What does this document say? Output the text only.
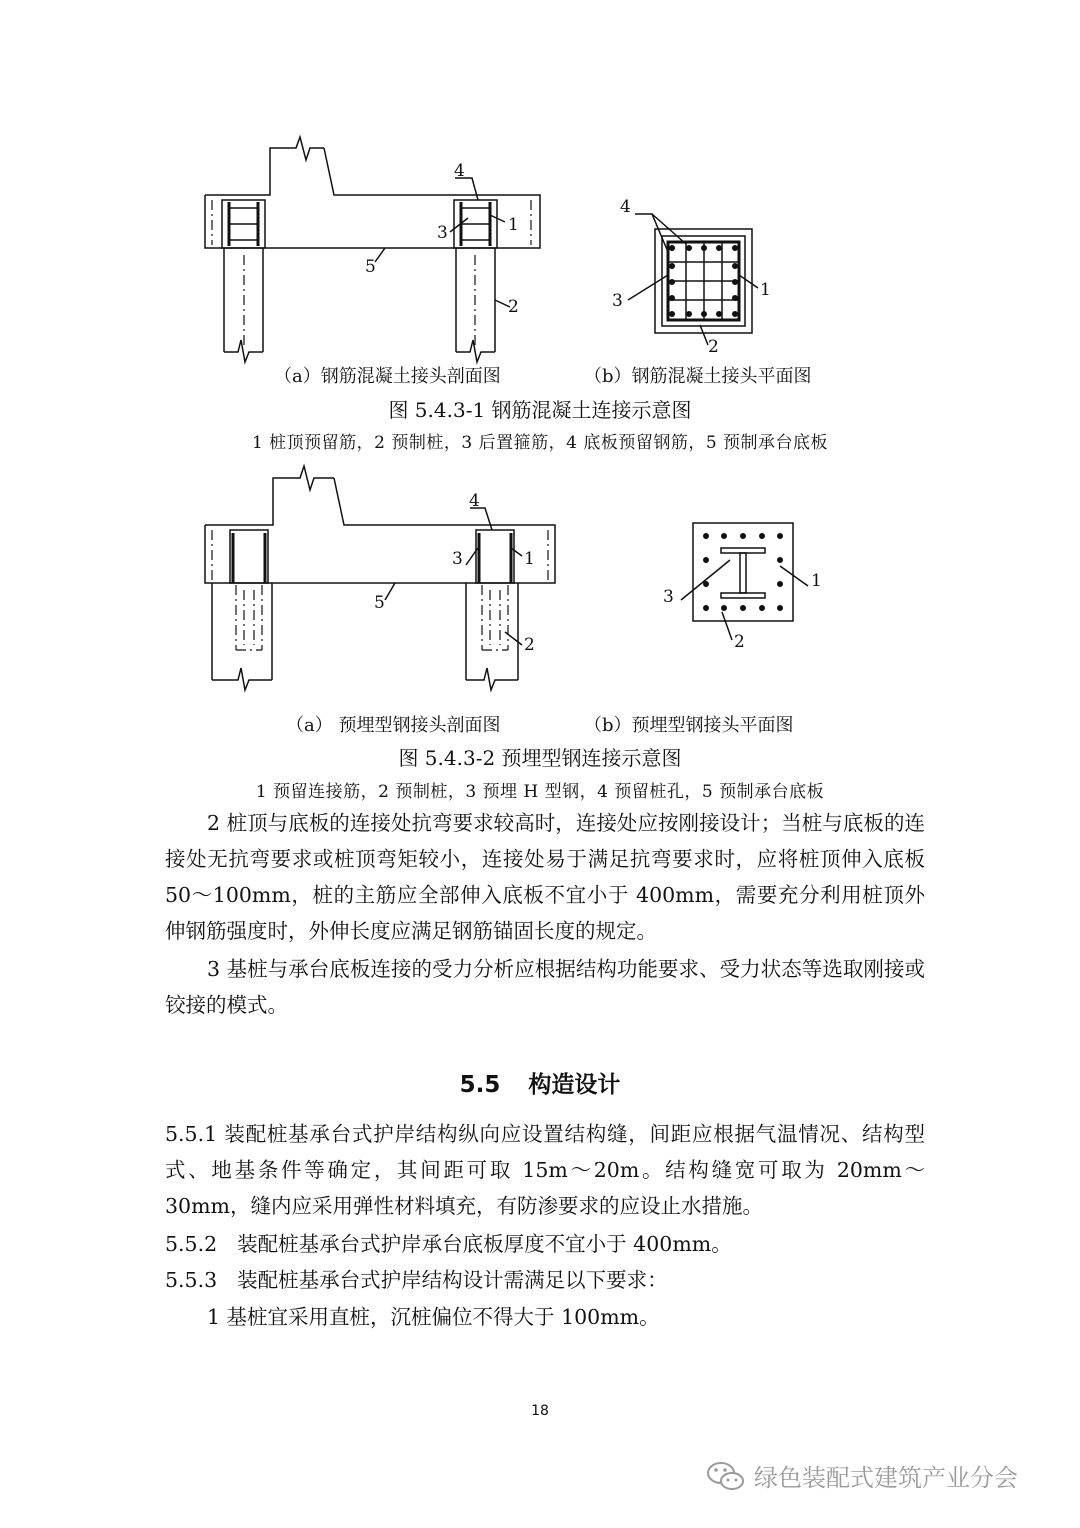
4
1
3
5
2
4
3
1
2
4
1
3
5
2
3
1
2
（a）钢筋混凝土接头剖面图	（b）钢筋混凝土接头平面图
图 5.4.3-1 钢筋混凝土连接示意图
1 桩顶预留筋，2 预制桩，3 后置箍筋，4 底板预留钢筋，5 预制承台底板
（a） 预埋型钢接头剖面图	（b）预埋型钢接头平面图
图 5.4.3-2 预埋型钢连接示意图
1 预留连接筋，2 预制桩，3 预埋 H 型钢，4 预留桩孔，5 预制承台底板
2 桩顶与底板的连接处抗弯要求较高时，连接处应按刚接设计；当桩与底板的连接处无抗弯要求或桩顶弯矩较小，连接处易于满足抗弯要求时，应将桩顶伸入底板 50～100mm，桩的主筋应全部伸入底板不宜小于 400mm，需要充分利用桩顶外伸钢筋强度时，外伸长度应满足钢筋锚固长度的规定。
3 基桩与承台底板连接的受力分析应根据结构功能要求、受力状态等选取刚接或铰接的模式。
5.5 构造设计
5.5.1 装配桩基承台式护岸结构纵向应设置结构缝，间距应根据气温情况、结构型式、地基条件等确定，其间距可取 15m～20m。结构缝宽可取为 20mm～30mm，缝内应采用弹性材料填充，有防渗要求的应设止水措施。
5.5.2 装配桩基承台式护岸承台底板厚度不宜小于 400mm。
5.5.3 装配桩基承台式护岸结构设计需满足以下要求：
1 基桩宜采用直桩，沉桩偏位不得大于 100mm。
18
绿色装配式建筑产业分会
